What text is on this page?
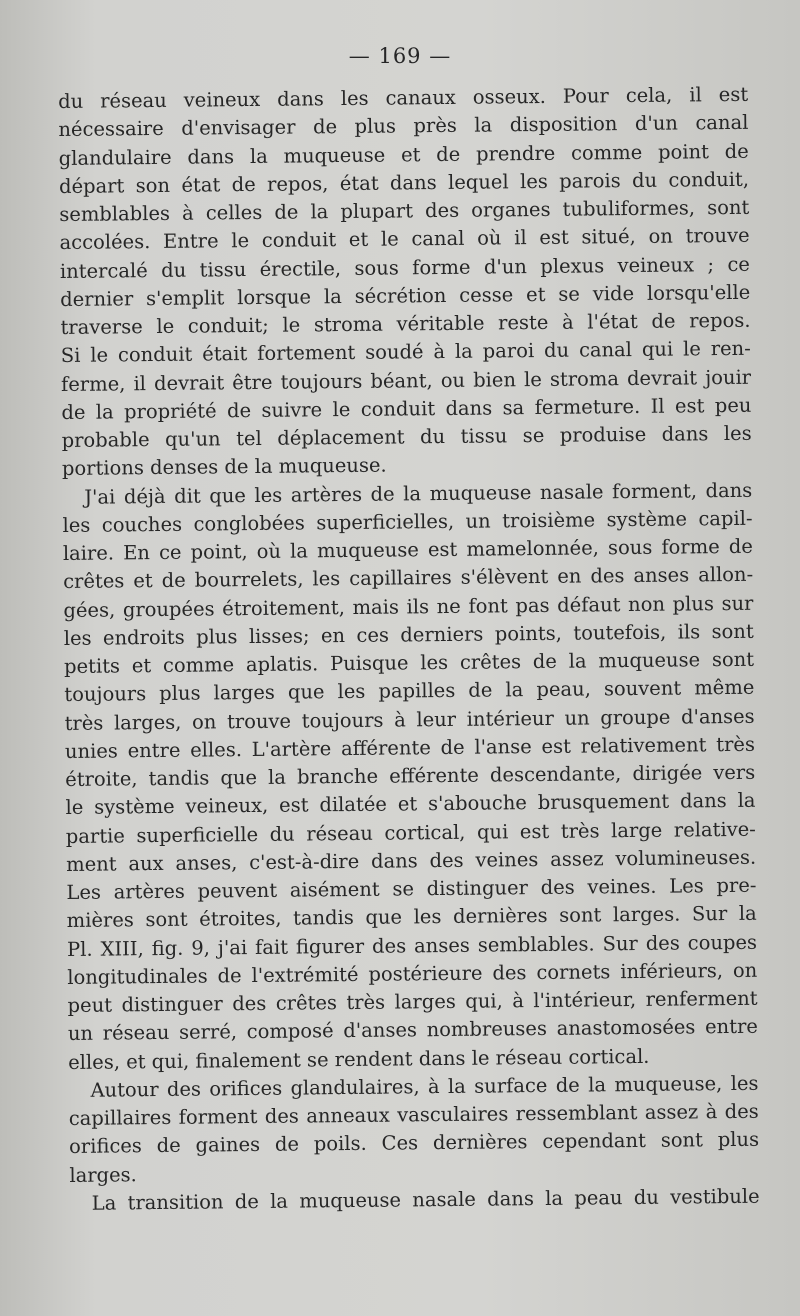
— 169 —
du réseau veineux dans les canaux osseux. Pour cela, il est
nécessaire d'envisager de plus près la disposition d'un canal
glandulaire dans la muqueuse et de prendre comme point de
départ son état de repos, état dans lequel les parois du conduit,
semblables à celles de la plupart des organes tubuliformes, sont
accolées. Entre le conduit et le canal où il est situé, on trouve
intercalé du tissu érectile, sous forme d'un plexus veineux ; ce
dernier s'emplit lorsque la sécrétion cesse et se vide lorsqu'elle
traverse le conduit; le stroma véritable reste à l'état de repos.
Si le conduit était fortement soudé à la paroi du canal qui le ren-
ferme, il devrait être toujours béant, ou bien le stroma devrait jouir
de la propriété de suivre le conduit dans sa fermeture. Il est peu
probable qu'un tel déplacement du tissu se produise dans les
portions denses de la muqueuse.
J'ai déjà dit que les artères de la muqueuse nasale forment, dans
les couches conglobées superficielles, un troisième système capil-
laire. En ce point, où la muqueuse est mamelonnée, sous forme de
crêtes et de bourrelets, les capillaires s'élèvent en des anses allon-
gées, groupées étroitement, mais ils ne font pas défaut non plus sur
les endroits plus lisses; en ces derniers points, toutefois, ils sont
petits et comme aplatis. Puisque les crêtes de la muqueuse sont
toujours plus larges que les papilles de la peau, souvent même
très larges, on trouve toujours à leur intérieur un groupe d'anses
unies entre elles. L'artère afférente de l'anse est relativement très
étroite, tandis que la branche efférente descendante, dirigée vers
le système veineux, est dilatée et s'abouche brusquement dans la
partie superficielle du réseau cortical, qui est très large relative-
ment aux anses, c'est-à-dire dans des veines assez volumineuses.
Les artères peuvent aisément se distinguer des veines. Les pre-
mières sont étroites, tandis que les dernières sont larges. Sur la
Pl. XIII, fig. 9, j'ai fait figurer des anses semblables. Sur des coupes
longitudinales de l'extrémité postérieure des cornets inférieurs, on
peut distinguer des crêtes très larges qui, à l'intérieur, renferment
un réseau serré, composé d'anses nombreuses anastomosées entre
elles, et qui, finalement se rendent dans le réseau cortical.
Autour des orifices glandulaires, à la surface de la muqueuse, les
capillaires forment des anneaux vasculaires ressemblant assez à des
orifices de gaines de poils. Ces dernières cependant sont plus
larges.
La transition de la muqueuse nasale dans la peau du vestibule
